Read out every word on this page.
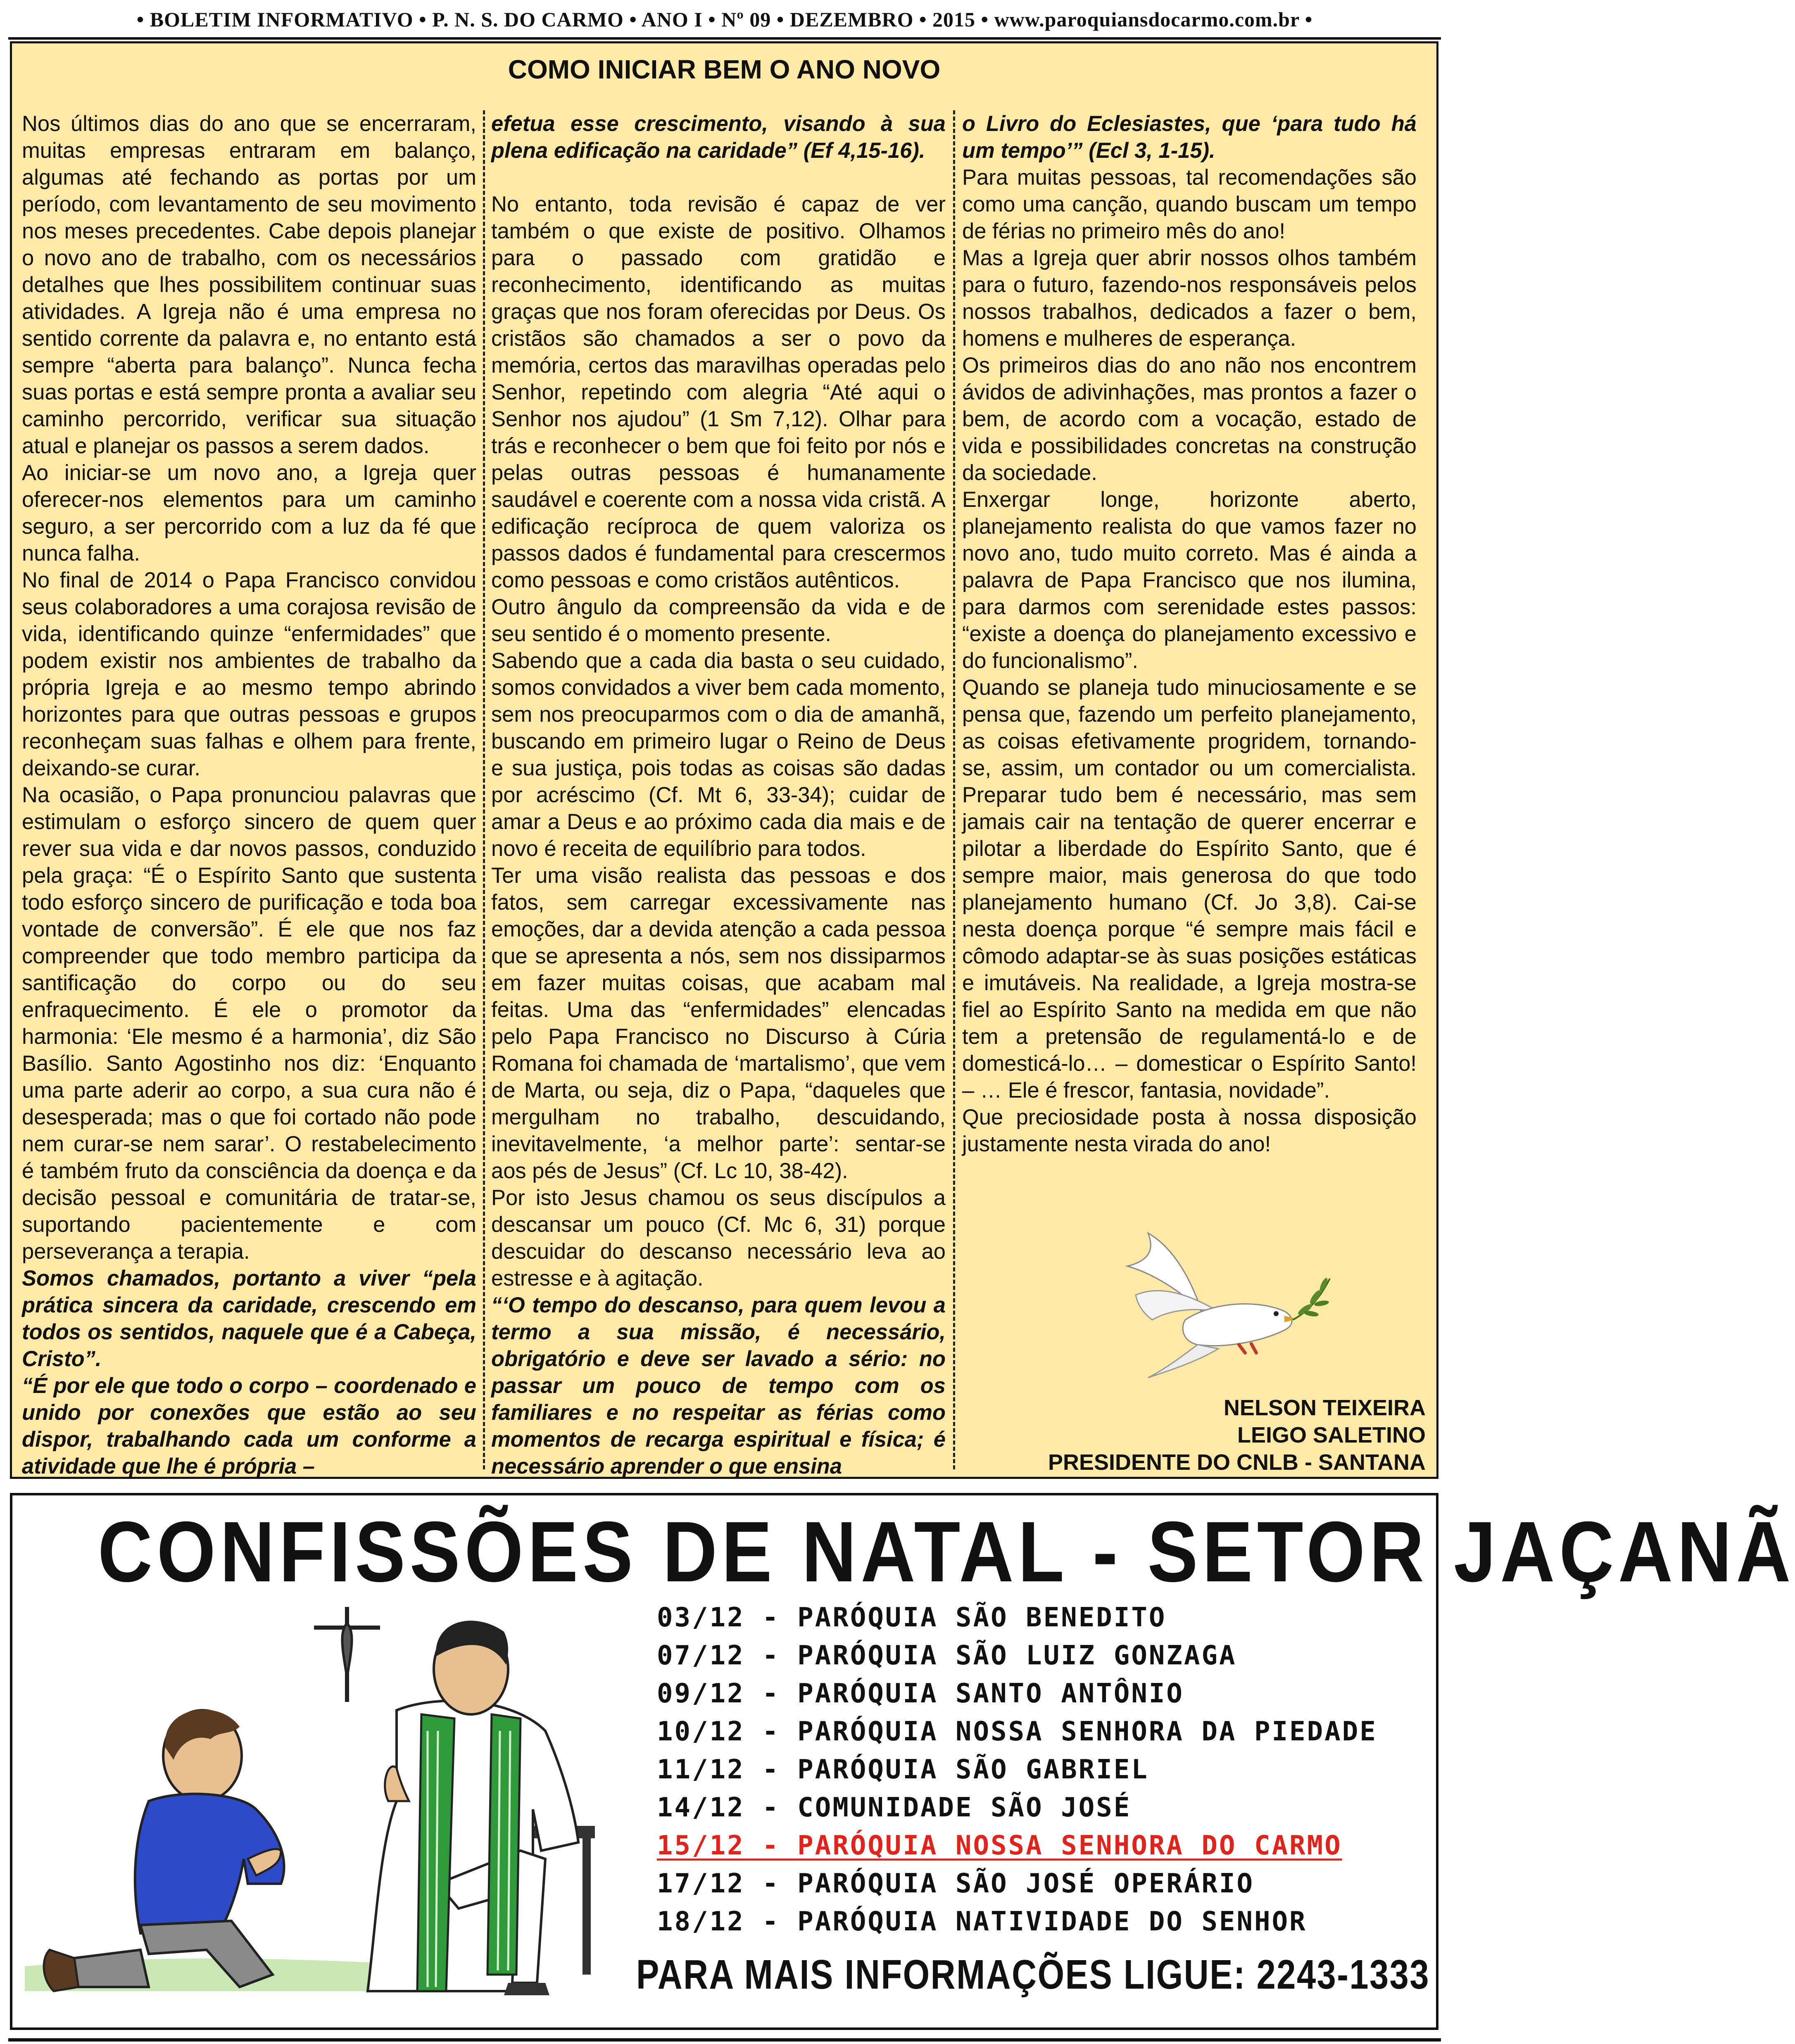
• BOLETIM INFORMATIVO • P. N. S. DO CARMO • ANO I • Nº 09 • DEZEMBRO • 2015 • www.paroquiansdocarmo.com.br •
COMO INICIAR BEM O ANO NOVO

Nos últimos dias do ano que se encerraram, muitas empresas entraram em balanço, algumas até fechando as portas por um período, com levantamento de seu movimento nos meses precedentes. Cabe depois planejar o novo ano de trabalho, com os necessários detalhes que lhes possibilitem continuar suas atividades. A Igreja não é uma empresa no sentido corrente da palavra e, no entanto está sempre “aberta para balanço”. Nunca fecha suas portas e está sempre pronta a avaliar seu caminho percorrido, verificar sua situação atual e planejar os passos a serem dados.

Ao iniciar-se um novo ano, a Igreja quer oferecer-nos elementos para um caminho seguro, a ser percorrido com a luz da fé que nunca falha.

No final de 2014 o Papa Francisco convidou seus colaboradores a uma corajosa revisão de vida, identificando quinze “enfermidades” que podem existir nos ambientes de trabalho da própria Igreja e ao mesmo tempo abrindo horizontes para que outras pessoas e grupos reconheçam suas falhas e olhem para frente, deixando-se curar.

Na ocasião, o Papa pronunciou palavras que estimulam o esforço sincero de quem quer rever sua vida e dar novos passos, conduzido pela graça: “É o Espírito Santo que sustenta todo esforço sincero de purificação e toda boa vontade de conversão”. É ele que nos faz compreender que todo membro participa da santificação do corpo ou do seu enfraquecimento. É ele o promotor da harmonia: ‘Ele mesmo é a harmonia’, diz São Basílio. Santo Agostinho nos diz: ‘Enquanto uma parte aderir ao corpo, a sua cura não é desesperada; mas o que foi cortado não pode nem curar-se nem sarar’. O restabelecimento é também fruto da consciência da doença e da decisão pessoal e comunitária de tratar-se, suportando pacientemente e com perseverança a terapia.

Somos chamados, portanto a viver “pela prática sincera da caridade, crescendo em todos os sentidos, naquele que é a Cabeça, Cristo”.

“É por ele que todo o corpo – coordenado e unido por conexões que estão ao seu dispor, trabalhando cada um conforme a atividade que lhe é própria –

efetua esse crescimento, visando à sua plena edificação na caridade” (Ef 4,15-16).

No entanto, toda revisão é capaz de ver também o que existe de positivo. Olhamos para o passado com gratidão e reconhecimento, identificando as muitas graças que nos foram oferecidas por Deus. Os cristãos são chamados a ser o povo da memória, certos das maravilhas operadas pelo Senhor, repetindo com alegria “Até aqui o Senhor nos ajudou” (1 Sm 7,12). Olhar para trás e reconhecer o bem que foi feito por nós e pelas outras pessoas é humanamente saudável e coerente com a nossa vida cristã. A edificação recíproca de quem valoriza os passos dados é fundamental para crescermos como pessoas e como cristãos autênticos.

Outro ângulo da compreensão da vida e de seu sentido é o momento presente.

Sabendo que a cada dia basta o seu cuidado, somos convidados a viver bem cada momento, sem nos preocuparmos com o dia de amanhã, buscando em primeiro lugar o Reino de Deus e sua justiça, pois todas as coisas são dadas por acréscimo (Cf. Mt 6, 33-34); cuidar de amar a Deus e ao próximo cada dia mais e de novo é receita de equilíbrio para todos.

Ter uma visão realista das pessoas e dos fatos, sem carregar excessivamente nas emoções, dar a devida atenção a cada pessoa que se apresenta a nós, sem nos dissiparmos em fazer muitas coisas, que acabam mal feitas. Uma das “enfermidades” elencadas pelo Papa Francisco no Discurso à Cúria Romana foi chamada de ‘martalismo’, que vem de Marta, ou seja, diz o Papa, “daqueles que mergulham no trabalho, descuidando, inevitavelmente, ‘a melhor parte’: sentar-se aos pés de Jesus” (Cf. Lc 10, 38-42).

Por isto Jesus chamou os seus discípulos a descansar um pouco (Cf. Mc 6, 31) porque descuidar do descanso necessário leva ao estresse e à agitação.

“‘O tempo do descanso, para quem levou a termo a sua missão, é necessário, obrigatório e deve ser lavado a sério: no passar um pouco de tempo com os familiares e no respeitar as férias como momentos de recarga espiritual e física; é necessário aprender o que ensina

o Livro do Eclesiastes, que ‘para tudo há um tempo’” (Ecl 3, 1-15).

Para muitas pessoas, tal recomendações são como uma canção, quando buscam um tempo de férias no primeiro mês do ano!

Mas a Igreja quer abrir nossos olhos também para o futuro, fazendo-nos responsáveis pelos nossos trabalhos, dedicados a fazer o bem, homens e mulheres de esperança.

Os primeiros dias do ano não nos encontrem ávidos de adivinhações, mas prontos a fazer o bem, de acordo com a vocação, estado de vida e possibilidades concretas na construção da sociedade.

Enxergar longe, horizonte aberto, planejamento realista do que vamos fazer no novo ano, tudo muito correto. Mas é ainda a palavra de Papa Francisco que nos ilumina, para darmos com serenidade estes passos: “existe a doença do planejamento excessivo e do funcionalismo”.

Quando se planeja tudo minuciosamente e se pensa que, fazendo um perfeito planejamento, as coisas efetivamente progridem, tornando-se, assim, um contador ou um comercialista. Preparar tudo bem é necessário, mas sem jamais cair na tentação de querer encerrar e pilotar a liberdade do Espírito Santo, que é sempre maior, mais generosa do que todo planejamento humano (Cf. Jo 3,8). Cai-se nesta doença porque “é sempre mais fácil e cômodo adaptar-se às suas posições estáticas e imutáveis. Na realidade, a Igreja mostra-se fiel ao Espírito Santo na medida em que não tem a pretensão de regulamentá-lo e de domesticá-lo… – domesticar o Espírito Santo! – … Ele é frescor, fantasia, novidade”.

Que preciosidade posta à nossa disposição justamente nesta virada do ano!

NELSON TEIXEIRA
LEIGO SALETINO
PRESIDENTE DO CNLB - SANTANA
CONFISSÕES DE NATAL - SETOR JAÇANÃ
03/12 - PARÓQUIA SÃO BENEDITO
07/12 - PARÓQUIA SÃO LUIZ GONZAGA
09/12 - PARÓQUIA SANTO ANTÔNIO
10/12 - PARÓQUIA NOSSA SENHORA DA PIEDADE
11/12 - PARÓQUIA SÃO GABRIEL
14/12 - COMUNIDADE SÃO JOSÉ
15/12 - PARÓQUIA NOSSA SENHORA DO CARMO
17/12 - PARÓQUIA SÃO JOSÉ OPERÁRIO
18/12 - PARÓQUIA NATIVIDADE DO SENHOR
PARA MAIS INFORMAÇÕES LIGUE: 2243-1333
